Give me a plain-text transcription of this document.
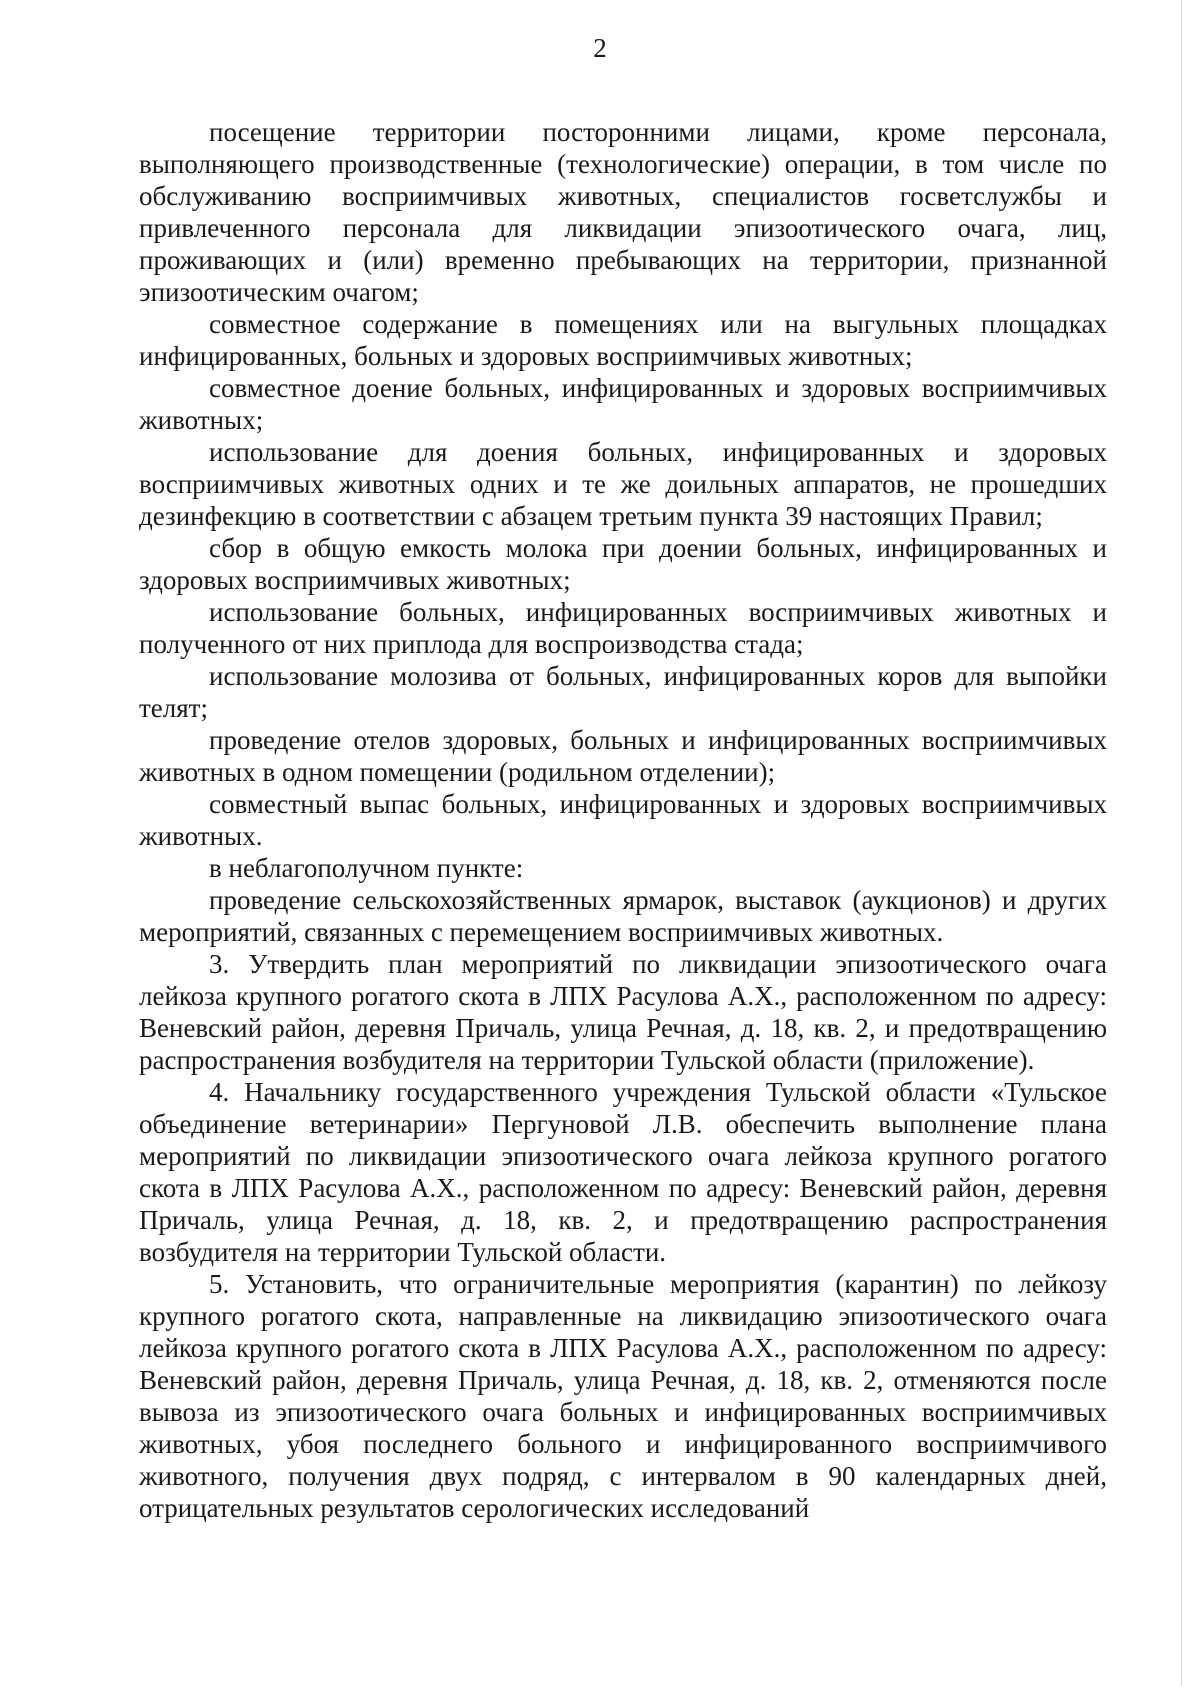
2

посещение территории посторонними лицами, кроме персонала, выполняющего производственные (технологические) операции, в том числе по обслуживанию восприимчивых животных, специалистов госветслужбы и привлеченного персонала для ликвидации эпизоотического очага, лиц, проживающих и (или) временно пребывающих на территории, признанной эпизоотическим очагом;

совместное содержание в помещениях или на выгульных площадках инфицированных, больных и здоровых восприимчивых животных;

совместное доение больных, инфицированных и здоровых восприимчивых животных;

использование для доения больных, инфицированных и здоровых восприимчивых животных одних и те же доильных аппаратов, не прошедших дезинфекцию в соответствии с абзацем третьим пункта 39 настоящих Правил;

сбор в общую емкость молока при доении больных, инфицированных и здоровых восприимчивых животных;

использование больных, инфицированных восприимчивых животных и полученного от них приплода для воспроизводства стада;

использование молозива от больных, инфицированных коров для выпойки телят;

проведение отелов здоровых, больных и инфицированных восприимчивых животных в одном помещении (родильном отделении);

совместный выпас больных, инфицированных и здоровых восприимчивых животных.

в неблагополучном пункте:

проведение сельскохозяйственных ярмарок, выставок (аукционов) и других мероприятий, связанных с перемещением восприимчивых животных.

3. Утвердить план мероприятий по ликвидации эпизоотического очага лейкоза крупного рогатого скота в ЛПХ Расулова А.Х., расположенном по адресу: Веневский район, деревня Причаль, улица Речная, д. 18, кв. 2, и предотвращению распространения возбудителя на территории Тульской области (приложение).

4. Начальнику государственного учреждения Тульской области «Тульское объединение ветеринарии» Пергуновой Л.В. обеспечить выполнение плана мероприятий по ликвидации эпизоотического очага лейкоза крупного рогатого скота в ЛПХ Расулова А.Х., расположенном по адресу: Веневский район, деревня Причаль, улица Речная, д. 18, кв. 2, и предотвращению распространения возбудителя на территории Тульской области.

5. Установить, что ограничительные мероприятия (карантин) по лейкозу крупного рогатого скота, направленные на ликвидацию эпизоотического очага лейкоза крупного рогатого скота в ЛПХ Расулова А.Х., расположенном по адресу: Веневский район, деревня Причаль, улица Речная, д. 18, кв. 2, отменяются после вывоза из эпизоотического очага больных и инфицированных восприимчивых животных, убоя последнего больного и инфицированного восприимчивого животного, получения двух подряд, с интервалом в 90 календарных дней, отрицательных результатов серологических исследований
